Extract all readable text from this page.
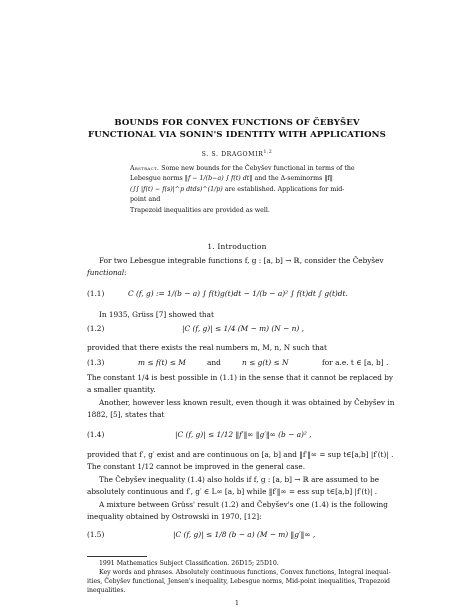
BOUNDS FOR CONVEX FUNCTIONS OF ČEBYŠEV
FUNCTIONAL VIA SONIN'S IDENTITY WITH APPLICATIONS
S. S. DRAGOMIR$^{1,2}$
Abstract. Some new bounds for the Čebyšev functional in terms of the
Lebesgue norms ‖f − 1/(b−a) ∫ f(t) dt‖ and the Δ-seminorms ‖f‖
(∫∫ |f(t) − f(s)|^p dtds)^(1/p) are established. Applications for mid-point and
Trapezoid inequalities are provided as well.
1. Introduction
For two Lebesgue integrable functions f, g : [a, b] → ℝ, consider the Čebyšev
functional:
(1.1)	C (f, g) := 1/(b − a) ∫ f(t)g(t)dt − 1/(b − a)² ∫ f(t)dt ∫ g(t)dt.
In 1935, Grüss [7] showed that
(1.2)	|C (f, g)| ≤ 1/4 (M − m) (N − n) ,
provided that there exists the real numbers m, M, n, N such that
(1.3)	m ≤ f(t) ≤ M	and	n ≤ g(t) ≤ N	for a.e. t ∈ [a, b] .
The constant 1/4 is best possible in (1.1) in the sense that it cannot be replaced by
a smaller quantity.
Another, however less known result, even though it was obtained by Čebyšev in
1882, [5], states that
(1.4)	|C (f, g)| ≤ 1/12 ‖f′‖∞ ‖g′‖∞ (b − a)² ,
provided that f′, g′ exist and are continuous on [a, b] and ‖f′‖∞ = sup t∈[a,b] |f′(t)| .
The constant 1/12 cannot be improved in the general case.
The Čebyšev inequality (1.4) also holds if f, g : [a, b] → ℝ are assumed to be
absolutely continuous and f′, g′ ∈ L∞ [a, b] while ‖f′‖∞ = ess sup t∈[a,b] |f′(t)| .
A mixture between Grüss' result (1.2) and Čebyšev's one (1.4) is the following
inequality obtained by Ostrowski in 1970, [12]:
(1.5)	|C (f, g)| ≤ 1/8 (b − a) (M − m) ‖g′‖∞ ,
1991 Mathematics Subject Classification. 26D15; 25D10.
Key words and phrases. Absolutely continuous functions, Convex functions, Integral inequal-
ities, Čebyšev functional, Jensen's inequality, Lebesgue norms, Mid-point inequalities, Trapezoid
inequalities.
1
